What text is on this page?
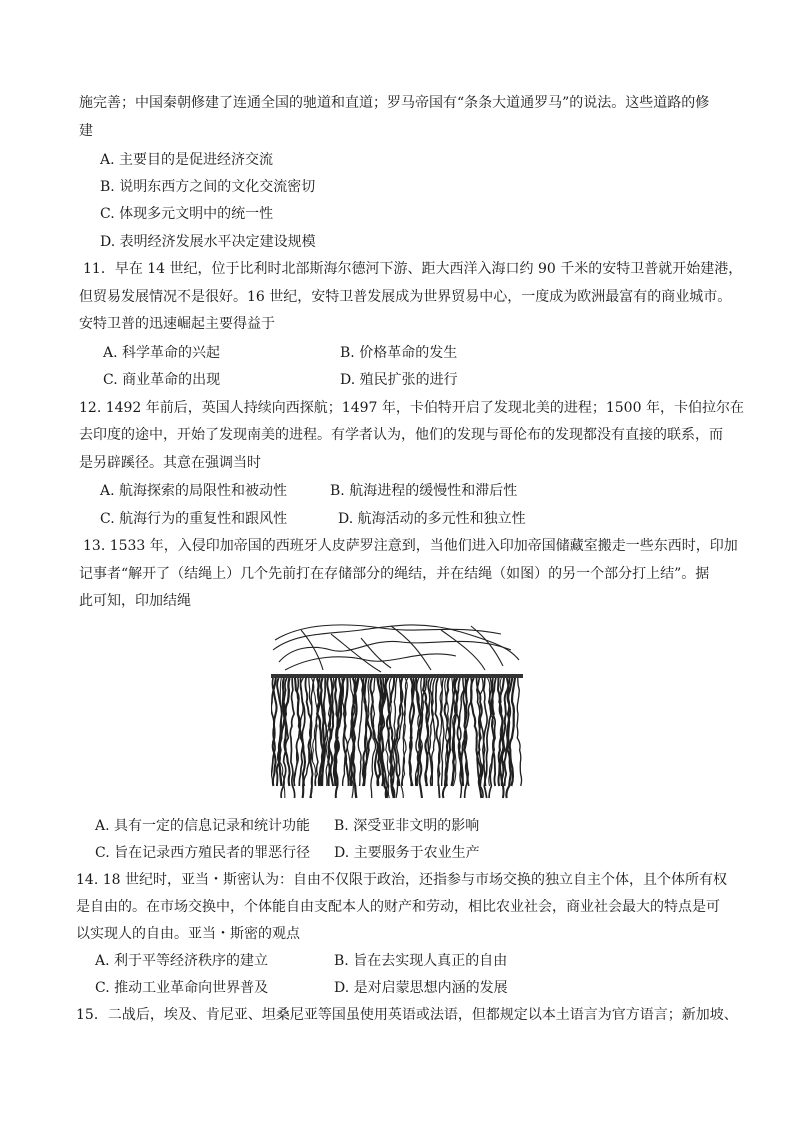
施完善；中国秦朝修建了连通全国的驰道和直道；罗马帝国有“条条大道通罗马”的说法。这些道路的修
建
A. 主要目的是促进经济交流
B. 说明东西方之间的文化交流密切
C. 体现多元文明中的统一性
D. 表明经济发展水平决定建设规模
11．早在 14 世纪，位于比利时北部斯海尔德河下游、距大西洋入海口约 90 千米的安特卫普就开始建港，
但贸易发展情况不是很好。16 世纪，安特卫普发展成为世界贸易中心，一度成为欧洲最富有的商业城市。
安特卫普的迅速崛起主要得益于
A. 科学革命的兴起	B. 价格革命的发生
C. 商业革命的出现	D. 殖民扩张的进行
12. 1492 年前后，英国人持续向西探航；1497 年，卡伯特开启了发现北美的进程；1500 年，卡伯拉尔在
去印度的途中，开始了发现南美的进程。有学者认为，他们的发现与哥伦布的发现都没有直接的联系，而
是另辟蹊径。其意在强调当时
A. 航海探索的局限性和被动性	B. 航海进程的缓慢性和滞后性
C. 航海行为的重复性和跟风性	D. 航海活动的多元性和独立性
13. 1533 年，入侵印加帝国的西班牙人皮萨罗注意到，当他们进入印加帝国储藏室搬走一些东西时，印加
记事者“解开了（结绳上）几个先前打在存储部分的绳结，并在结绳（如图）的另一个部分打上结”。据
此可知，印加结绳
A. 具有一定的信息记录和统计功能 B. 深受亚非文明的影响
C. 旨在记录西方殖民者的罪恶行径 D. 主要服务于农业生产
14. 18 世纪时，亚当・斯密认为：自由不仅限于政治，还指参与市场交换的独立自主个体，且个体所有权
是自由的。在市场交换中，个体能自由支配本人的财产和劳动，相比农业社会，商业社会最大的特点是可
以实现人的自由。亚当・斯密的观点
A. 利于平等经济秩序的建立	B. 旨在去实现人真正的自由
C. 推动工业革命向世界普及	D. 是对启蒙思想内涵的发展
15．二战后，埃及、肯尼亚、坦桑尼亚等国虽使用英语或法语，但都规定以本土语言为官方语言；新加坡、
